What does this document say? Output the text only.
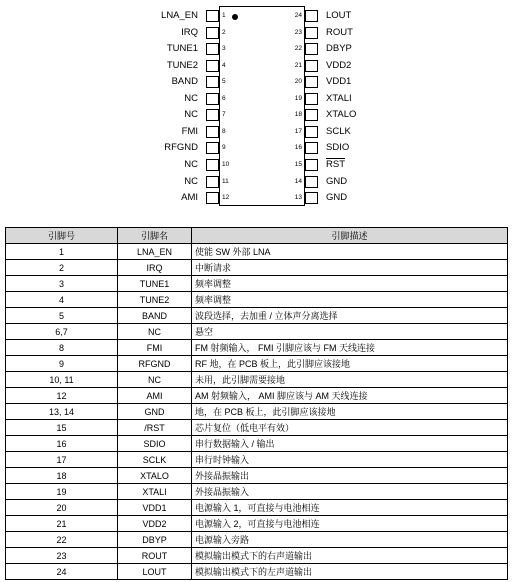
LNA_EN	1
IRQ	2
TUNE1	3
TUNE2	4
BAND	5
NC	6
NC	7
FMI	8
RFGND	9
NC	10
NC	11
AMI	12
LOUT
24
ROUT
23
DBYP
22
VDD2
21
VDD1
20
XTALI
19
XTALO
18
SCLK
17
SDIO
16
$\overline{RST}$
15
GND
14
GND
13
引脚号	引脚名	引脚描述
1	LNA_EN	使能 SW 外部 LNA
2	IRQ	中断请求
3	TUNE1	频率调整
4	TUNE2	频率调整
5	BAND	波段选择，去加重 / 立体声分离选择
6,7	NC	悬空
8	FMI	FM 射频输入， FMI 引脚应该与 FM 天线连接
9	RFGND	RF 地，在 PCB 板上，此引脚应该接地
10, 11	NC	未用，此引脚需要接地
12	AMI	AM 射频输入， AMI 脚应该与 AM 天线连接
13, 14	GND	地，在 PCB 板上，此引脚应该接地
15	/RST	芯片复位（低电平有效）
16	SDIO	串行数据输入 / 输出
17	SCLK	串行时钟输入
18	XTALO	外接晶振输出
19	XTALI	外接晶振输入
20	VDD1	电源输入 1，可直接与电池相连
21	VDD2	电源输入 2，可直接与电池相连
22	DBYP	电源输入旁路
23	ROUT	模拟输出模式下的右声道输出
24	LOUT	模拟输出模式下的左声道输出
